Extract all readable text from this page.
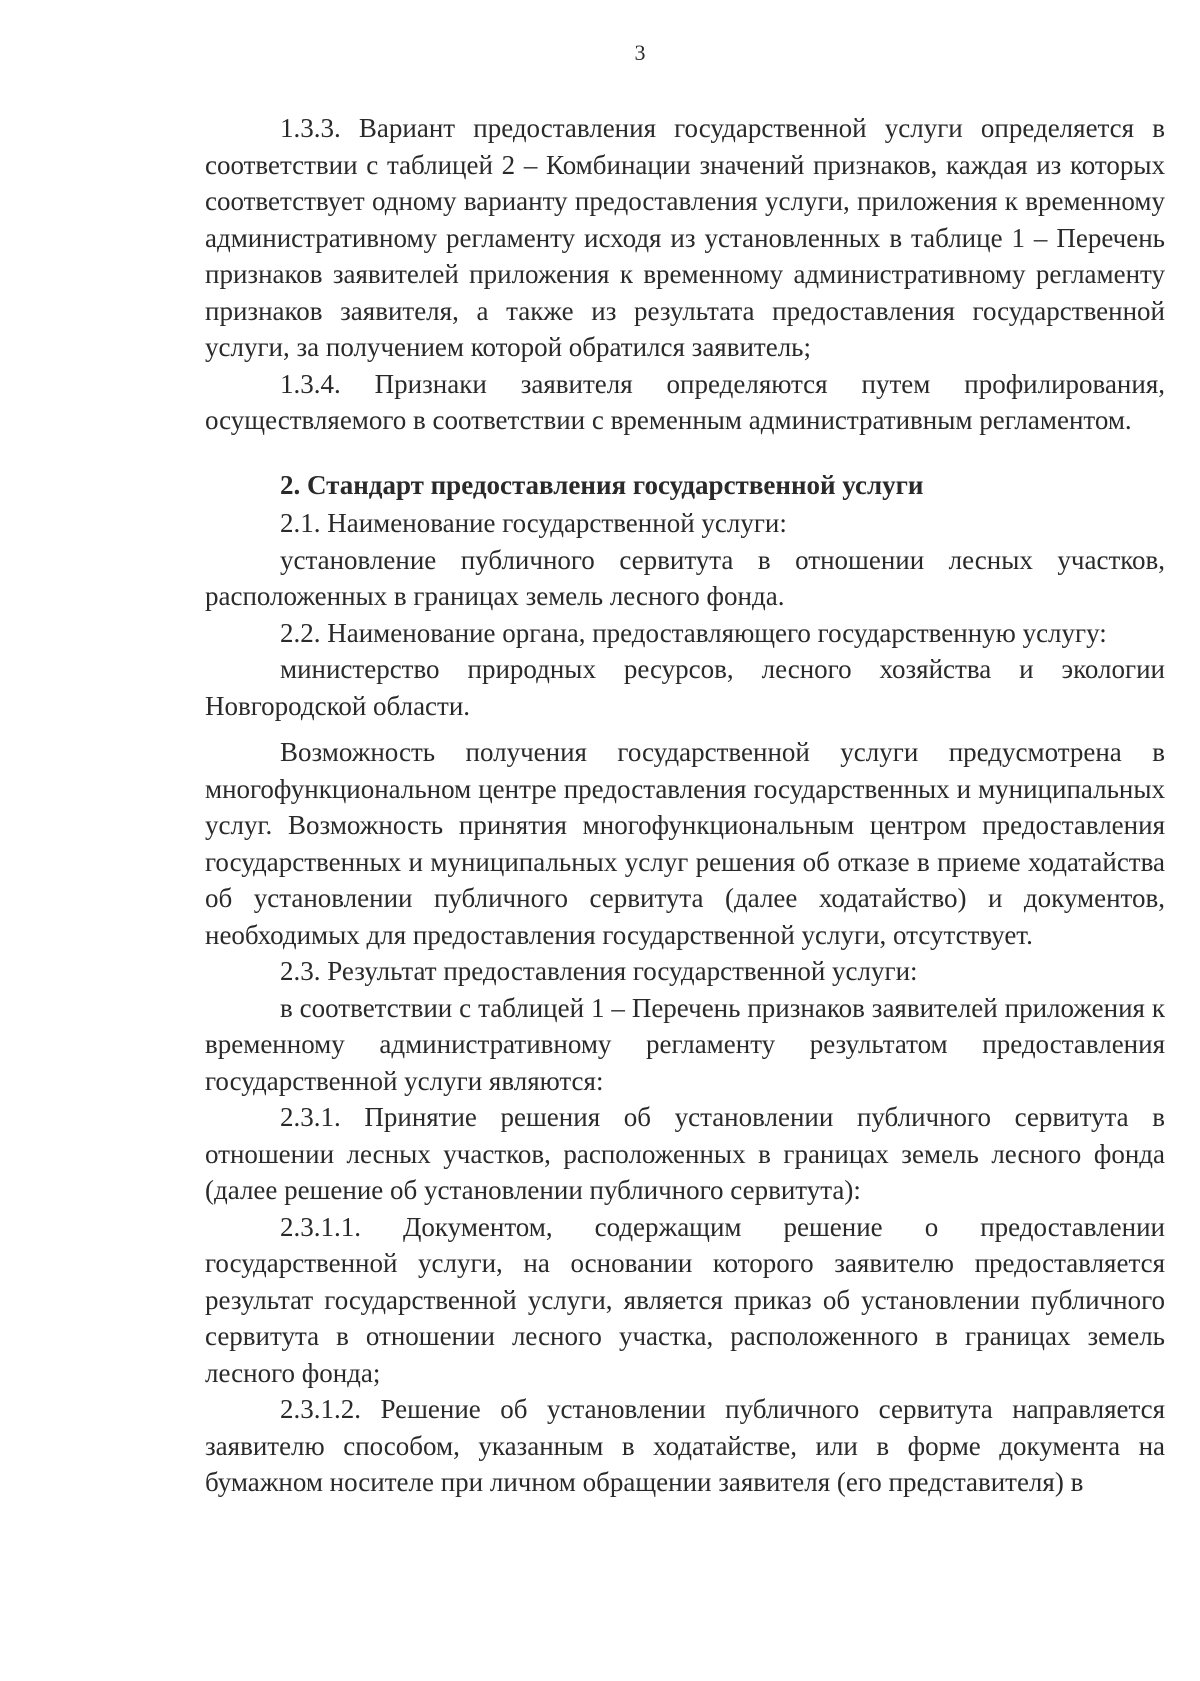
3

1.3.3. Вариант предоставления государственной услуги определяется в соответствии с таблицей 2 – Комбинации значений признаков, каждая из которых соответствует одному варианту предоставления услуги, приложения к временному административному регламенту исходя из установленных в таблице 1 – Перечень признаков заявителей приложения к временному административному регламенту признаков заявителя, а также из результата предоставления государственной услуги, за получением которой обратился заявитель;

1.3.4. Признаки заявителя определяются путем профилирования, осуществляемого в соответствии с временным административным регламентом.

2. Стандарт предоставления государственной услуги

2.1. Наименование государственной услуги:

установление публичного сервитута в отношении лесных участков, расположенных в границах земель лесного фонда.

2.2. Наименование органа, предоставляющего государственную услугу:

министерство природных ресурсов, лесного хозяйства и экологии Новгородской области.

Возможность получения государственной услуги предусмотрена в многофункциональном центре предоставления государственных и муниципальных услуг. Возможность принятия многофункциональным центром предоставления государственных и муниципальных услуг решения об отказе в приеме ходатайства об установлении публичного сервитута (далее ходатайство) и документов, необходимых для предоставления государственной услуги, отсутствует.

2.3. Результат предоставления государственной услуги:

в соответствии с таблицей 1 – Перечень признаков заявителей приложения к временному административному регламенту результатом предоставления государственной услуги являются:

2.3.1. Принятие решения об установлении публичного сервитута в отношении лесных участков, расположенных в границах земель лесного фонда (далее решение об установлении публичного сервитута):

2.3.1.1. Документом, содержащим решение о предоставлении государственной услуги, на основании которого заявителю предоставляется результат государственной услуги, является приказ об установлении публичного сервитута в отношении лесного участка, расположенного в границах земель лесного фонда;

2.3.1.2. Решение об установлении публичного сервитута направляется заявителю способом, указанным в ходатайстве, или в форме документа на бумажном носителе при личном обращении заявителя (его представителя) в
